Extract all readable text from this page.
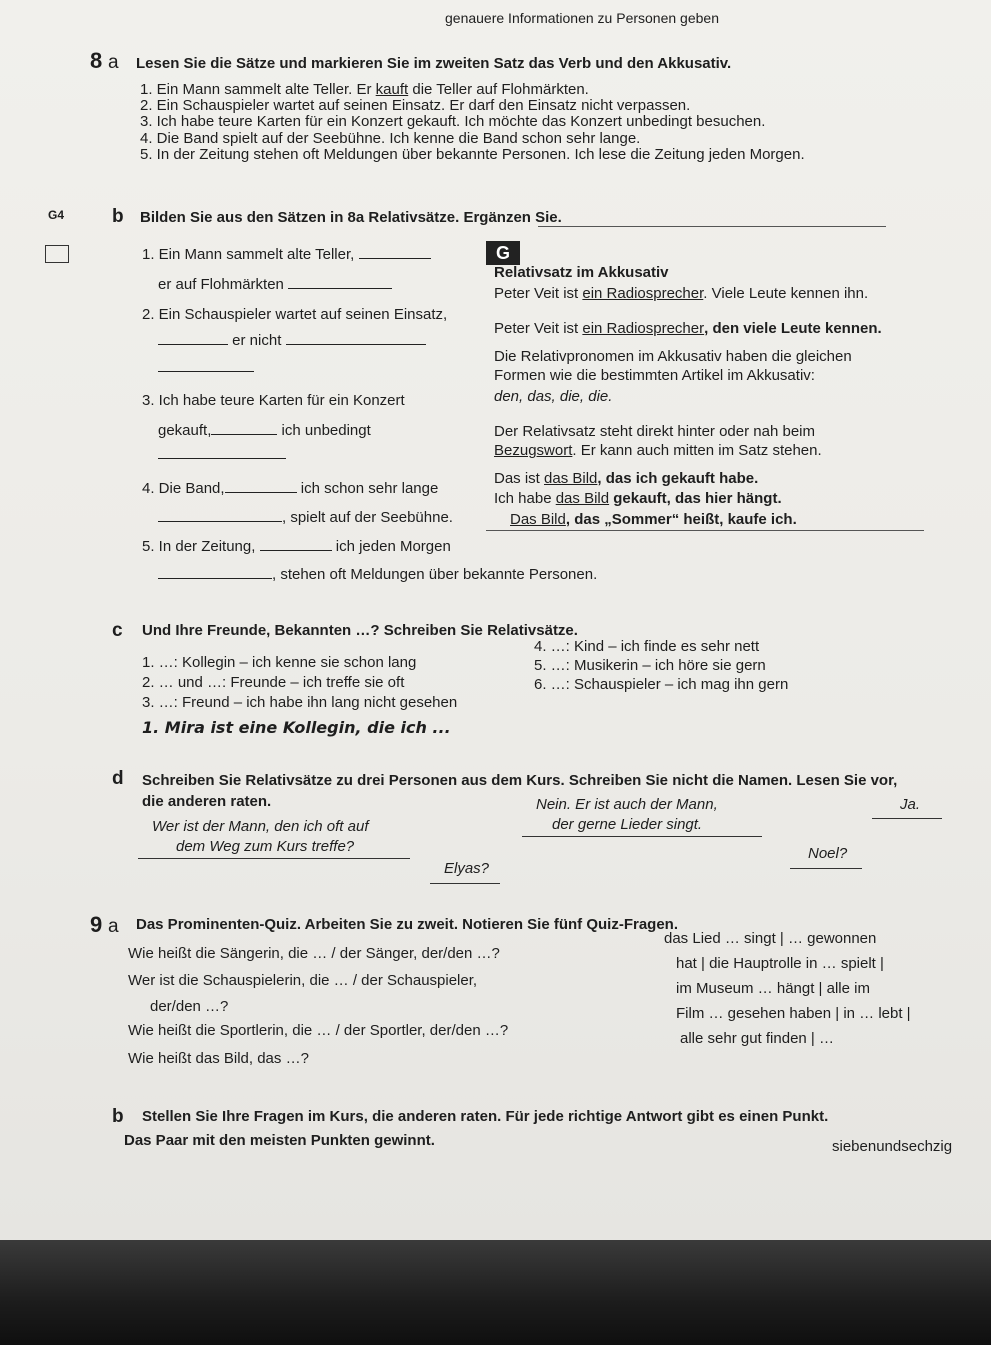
genauere Informationen zu Personen geben
8 a Lesen Sie die Sätze und markieren Sie im zweiten Satz das Verb und den Akkusativ.
1. Ein Mann sammelt alte Teller. Er kauft die Teller auf Flohmärkten.
2. Ein Schauspieler wartet auf seinen Einsatz. Er darf den Einsatz nicht verpassen.
3. Ich habe teure Karten für ein Konzert gekauft. Ich möchte das Konzert unbedingt besuchen.
4. Die Band spielt auf der Seebühne. Ich kenne die Band schon sehr lange.
5. In der Zeitung stehen oft Meldungen über bekannte Personen. Ich lese die Zeitung jeden Morgen.
G4	b Bilden Sie aus den Sätzen in 8a Relativsätze. Ergänzen Sie.
1. Ein Mann sammelt alte Teller,
er auf Flohmärkten
2. Ein Schauspieler wartet auf seinen Einsatz,
er nicht
3. Ich habe teure Karten für ein Konzert
gekauft,	ich unbedingt
4. Die Band,	ich schon sehr lange
, spielt auf der Seebühne.
5. In der Zeitung,	ich jeden Morgen
, stehen oft Meldungen über bekannte Personen.
G
Relativsatz im Akkusativ
Peter Veit ist ein Radiosprecher. Viele Leute kennen ihn.
Peter Veit ist ein Radiosprecher, den viele Leute kennen.
Die Relativpronomen im Akkusativ haben die gleichen
Formen wie die bestimmten Artikel im Akkusativ:
den, das, die, die.
Der Relativsatz steht direkt hinter oder nah beim
Bezugswort. Er kann auch mitten im Satz stehen.
Das ist das Bild, das ich gekauft habe.
Ich habe das Bild gekauft, das hier hängt.
Das Bild, das „Sommer“ heißt, kaufe ich.
c Und Ihre Freunde, Bekannten …? Schreiben Sie Relativsätze.
1. …: Kollegin – ich kenne sie schon lang
2. … und …: Freunde – ich treffe sie oft
3. …: Freund – ich habe ihn lang nicht gesehen
4. …: Kind – ich finde es sehr nett
5. …: Musikerin – ich höre sie gern
6. …: Schauspieler – ich mag ihn gern
1. Mira ist eine Kollegin, die ich ...
d Schreiben Sie Relativsätze zu drei Personen aus dem Kurs. Schreiben Sie nicht die Namen. Lesen Sie vor,
die anderen raten.
Wer ist der Mann, den ich oft auf
dem Weg zum Kurs treffe?
Elyas?
Nein. Er ist auch der Mann,
der gerne Lieder singt.
Ja.
Noel?
9 a Das Prominenten-Quiz. Arbeiten Sie zu zweit. Notieren Sie fünf Quiz-Fragen.
Wie heißt die Sängerin, die … / der Sänger, der/den …?
Wer ist die Schauspielerin, die … / der Schauspieler,
der/den …?
Wie heißt die Sportlerin, die … / der Sportler, der/den …?
Wie heißt das Bild, das …?
das Lied … singt | … gewonnen
hat | die Hauptrolle in … spielt |
im Museum … hängt | alle im
Film … gesehen haben | in … lebt |
alle sehr gut finden | …
b Stellen Sie Ihre Fragen im Kurs, die anderen raten. Für jede richtige Antwort gibt es einen Punkt.
Das Paar mit den meisten Punkten gewinnt.	siebenundsechzig
